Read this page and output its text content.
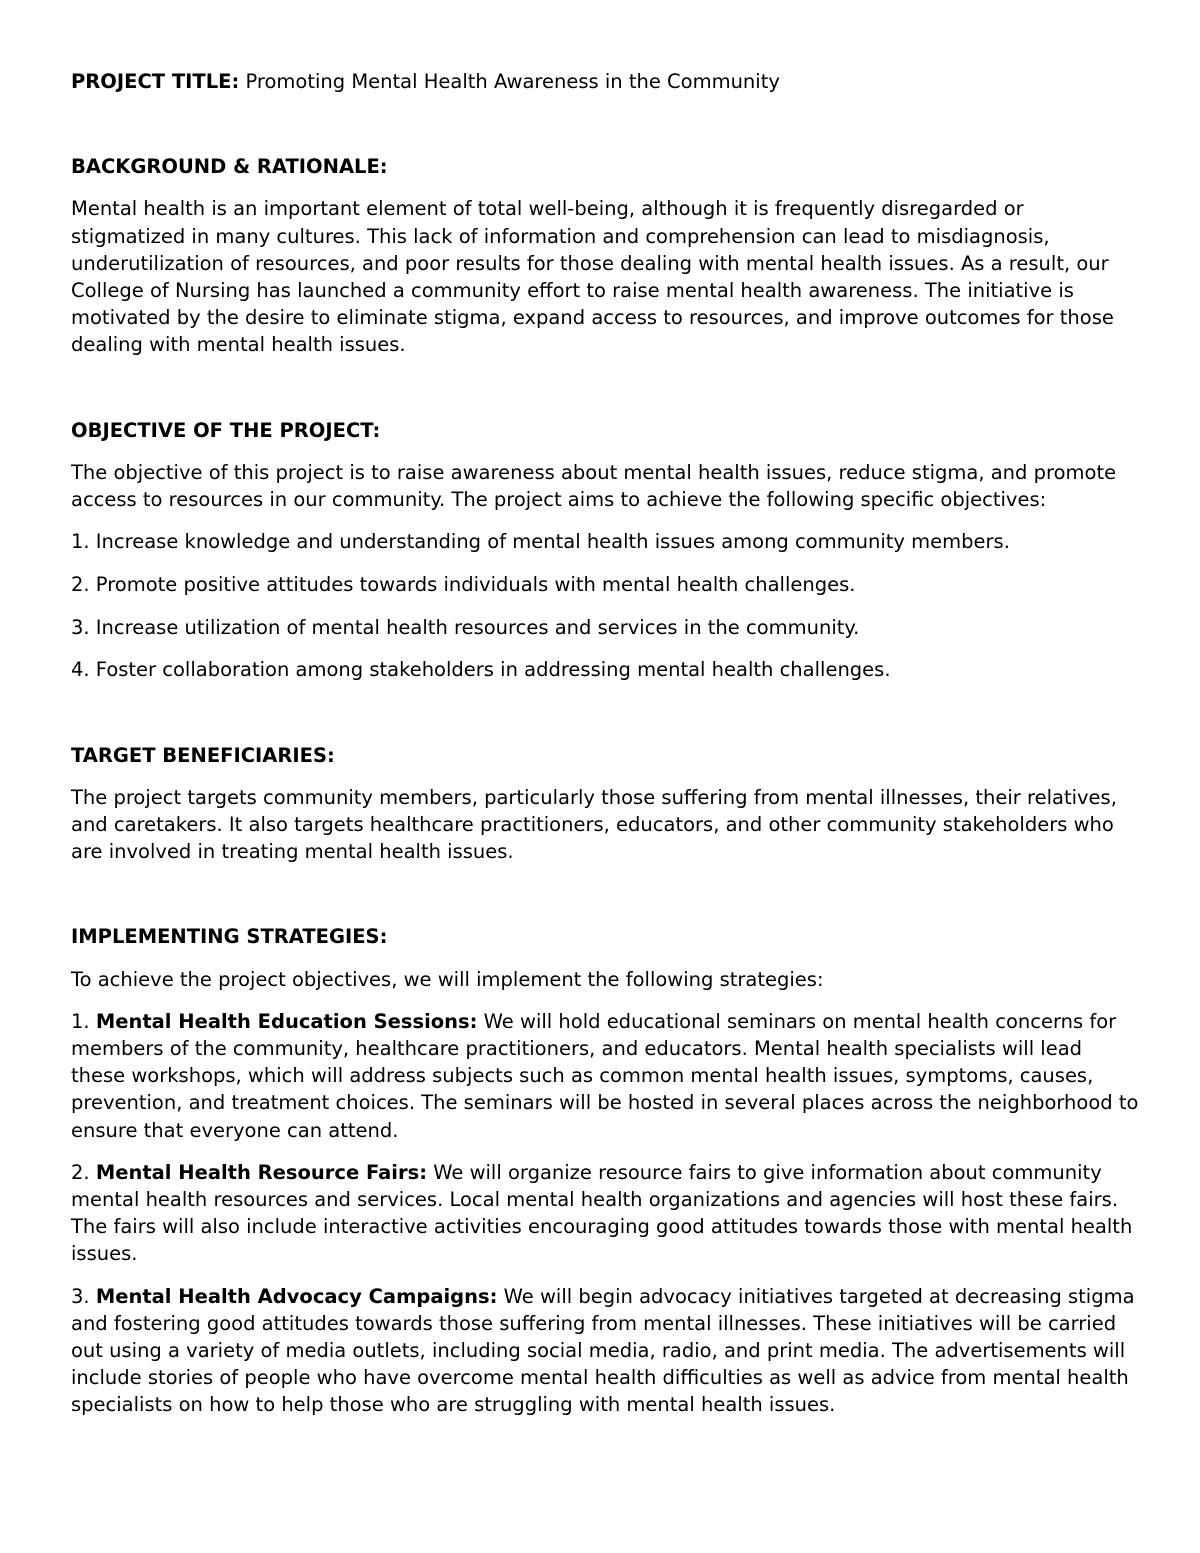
PROJECT TITLE: Promoting Mental Health Awareness in the Community

BACKGROUND & RATIONALE:

Mental health is an important element of total well-being, although it is frequently disregarded or stigmatized in many cultures. This lack of information and comprehension can lead to misdiagnosis, underutilization of resources, and poor results for those dealing with mental health issues. As a result, our College of Nursing has launched a community effort to raise mental health awareness. The initiative is motivated by the desire to eliminate stigma, expand access to resources, and improve outcomes for those dealing with mental health issues.

OBJECTIVE OF THE PROJECT:

The objective of this project is to raise awareness about mental health issues, reduce stigma, and promote access to resources in our community. The project aims to achieve the following specific objectives:

1. Increase knowledge and understanding of mental health issues among community members.

2. Promote positive attitudes towards individuals with mental health challenges.

3. Increase utilization of mental health resources and services in the community.

4. Foster collaboration among stakeholders in addressing mental health challenges.

TARGET BENEFICIARIES:

The project targets community members, particularly those suffering from mental illnesses, their relatives, and caretakers. It also targets healthcare practitioners, educators, and other community stakeholders who are involved in treating mental health issues.

IMPLEMENTING STRATEGIES:

To achieve the project objectives, we will implement the following strategies:

1. Mental Health Education Sessions: We will hold educational seminars on mental health concerns for members of the community, healthcare practitioners, and educators. Mental health specialists will lead these workshops, which will address subjects such as common mental health issues, symptoms, causes, prevention, and treatment choices. The seminars will be hosted in several places across the neighborhood to ensure that everyone can attend.

2. Mental Health Resource Fairs: We will organize resource fairs to give information about community mental health resources and services. Local mental health organizations and agencies will host these fairs. The fairs will also include interactive activities encouraging good attitudes towards those with mental health issues.

3. Mental Health Advocacy Campaigns: We will begin advocacy initiatives targeted at decreasing stigma and fostering good attitudes towards those suffering from mental illnesses. These initiatives will be carried out using a variety of media outlets, including social media, radio, and print media. The advertisements will include stories of people who have overcome mental health difficulties as well as advice from mental health specialists on how to help those who are struggling with mental health issues.
